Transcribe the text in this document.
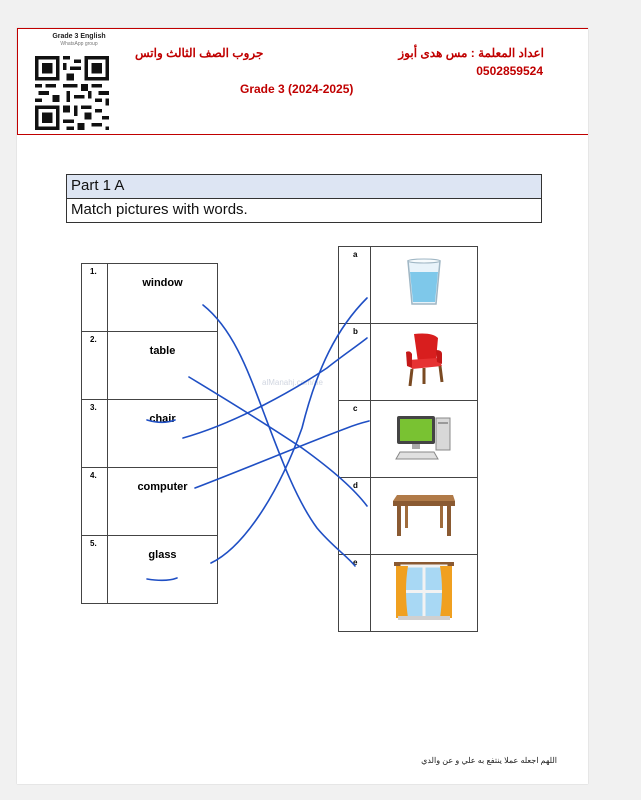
Grade 3 English
WhatsApp group
جروب الصف الثالث واتس
Grade 3 (2024-2025)
اعداد المعلمة : مس هدى أبوز
0502859524
Part 1 A
Match pictures with words.
1.	window
2.	table
3.	chair
4.	computer
5.	glass
a	
b	
c	
d	
e	
alManahj.com/ae
اللهم اجعله عملا ينتفع به علي و عن والدي
